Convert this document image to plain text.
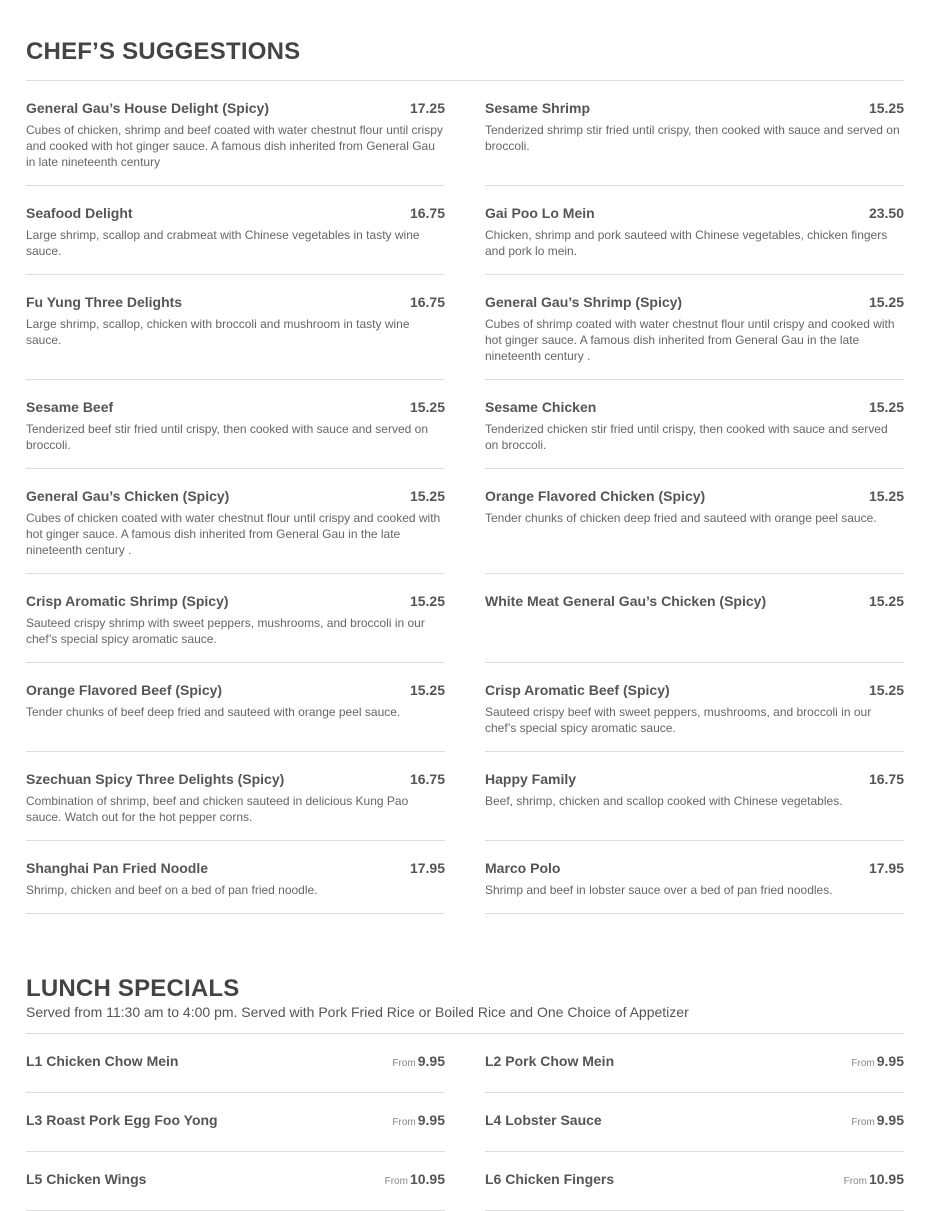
CHEF’S SUGGESTIONS
General Gau’s House Delight (Spicy)	17.25
Cubes of chicken, shrimp and beef coated with water chestnut flour until crispy and cooked with hot ginger sauce. A famous dish inherited from General Gau in late nineteenth century
Sesame Shrimp	15.25
Tenderized shrimp stir fried until crispy, then cooked with sauce and served on broccoli.
Seafood Delight	16.75
Large shrimp, scallop and crabmeat with Chinese vegetables in tasty wine sauce.
Gai Poo Lo Mein	23.50
Chicken, shrimp and pork sauteed with Chinese vegetables, chicken fingers and pork lo mein.
Fu Yung Three Delights	16.75
Large shrimp, scallop, chicken with broccoli and mushroom in tasty wine sauce.
General Gau’s Shrimp (Spicy)	15.25
Cubes of shrimp coated with water chestnut flour until crispy and cooked with hot ginger sauce. A famous dish inherited from General Gau in the late nineteenth century .
Sesame Beef	15.25
Tenderized beef stir fried until crispy, then cooked with sauce and served on broccoli.
Sesame Chicken	15.25
Tenderized chicken stir fried until crispy, then cooked with sauce and served on broccoli.
General Gau’s Chicken (Spicy)	15.25
Cubes of chicken coated with water chestnut flour until crispy and cooked with hot ginger sauce. A famous dish inherited from General Gau in the late nineteenth century .
Orange Flavored Chicken (Spicy)	15.25
Tender chunks of chicken deep fried and sauteed with orange peel sauce.
Crisp Aromatic Shrimp (Spicy)	15.25
Sauteed crispy shrimp with sweet peppers, mushrooms, and broccoli in our chef’s special spicy aromatic sauce.
White Meat General Gau’s Chicken (Spicy)	15.25
Orange Flavored Beef (Spicy)	15.25
Tender chunks of beef deep fried and sauteed with orange peel sauce.
Crisp Aromatic Beef (Spicy)	15.25
Sauteed crispy beef with sweet peppers, mushrooms, and broccoli in our chef’s special spicy aromatic sauce.
Szechuan Spicy Three Delights (Spicy)	16.75
Combination of shrimp, beef and chicken sauteed in delicious Kung Pao sauce. Watch out for the hot pepper corns.
Happy Family	16.75
Beef, shrimp, chicken and scallop cooked with Chinese vegetables.
Shanghai Pan Fried Noodle	17.95
Shrimp, chicken and beef on a bed of pan fried noodle.
Marco Polo	17.95
Shrimp and beef in lobster sauce over a bed of pan fried noodles.
LUNCH SPECIALS
Served from 11:30 am to 4:00 pm. Served with Pork Fried Rice or Boiled Rice and One Choice of Appetizer
L1 Chicken Chow Mein	From 9.95	L2 Pork Chow Mein	From 9.95
L3 Roast Pork Egg Foo Yong	From 9.95	L4 Lobster Sauce	From 9.95
L5 Chicken Wings	From 10.95	L6 Chicken Fingers	From 10.95
